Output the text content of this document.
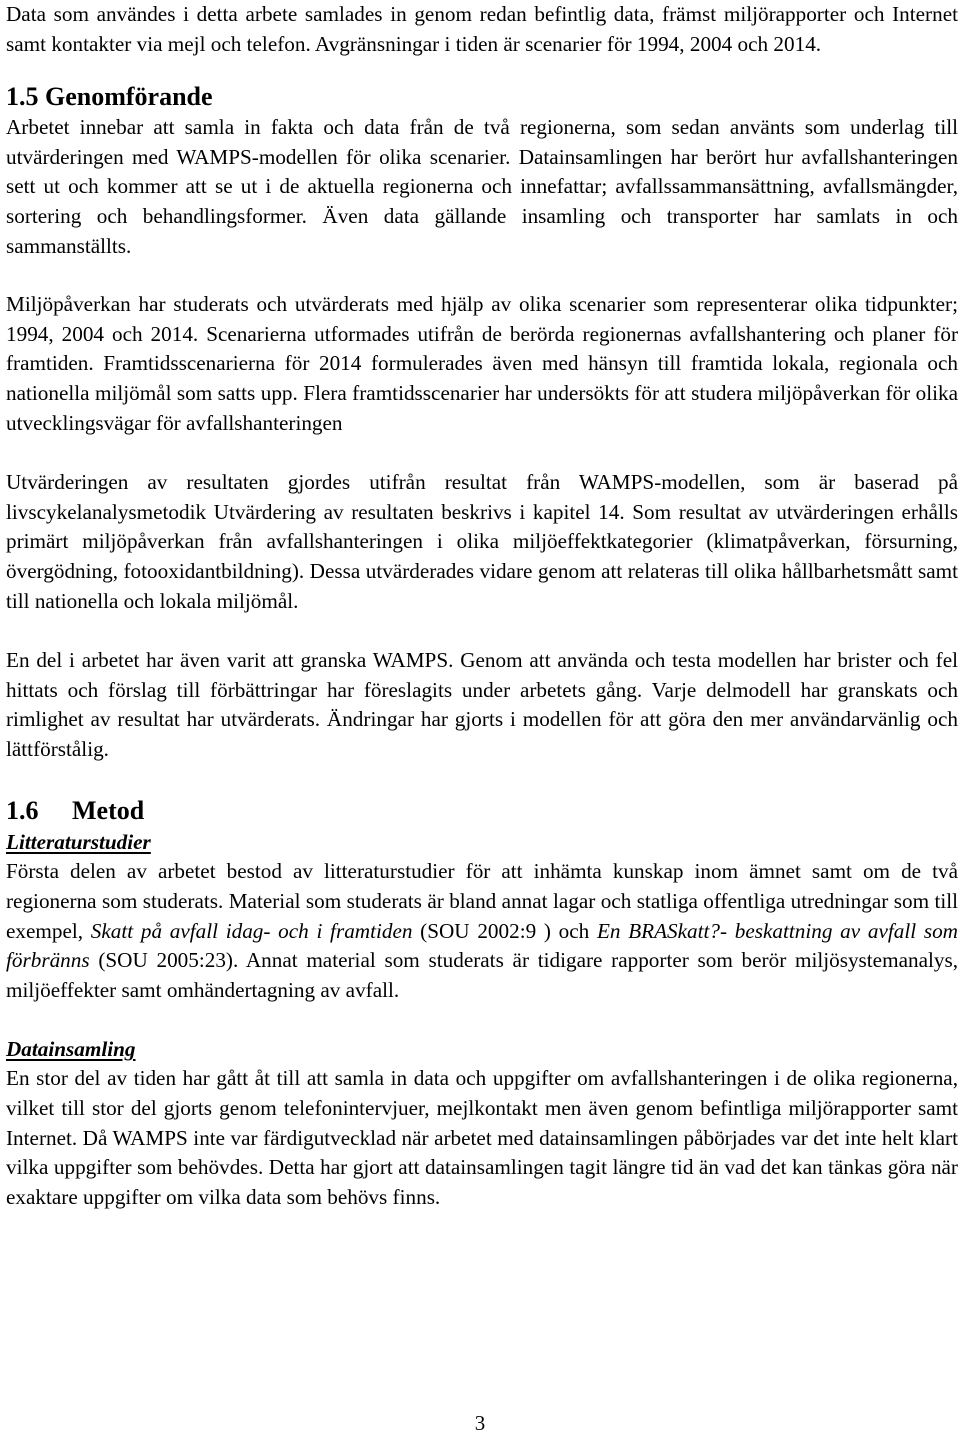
Data som användes i detta arbete samlades in genom redan befintlig data, främst miljörapporter och Internet samt kontakter via mejl och telefon. Avgränsningar i tiden är scenarier för 1994, 2004 och 2014.

1.5 Genomförande

Arbetet innebar att samla in fakta och data från de två regionerna, som sedan använts som underlag till utvärderingen med WAMPS-modellen för olika scenarier. Datainsamlingen har berört hur avfallshanteringen sett ut och kommer att se ut i de aktuella regionerna och innefattar; avfallssammansättning, avfallsmängder, sortering och behandlingsformer. Även data gällande insamling och transporter har samlats in och sammanställts.

Miljöpåverkan har studerats och utvärderats med hjälp av olika scenarier som representerar olika tidpunkter; 1994, 2004 och 2014. Scenarierna utformades utifrån de berörda regionernas avfallshantering och planer för framtiden. Framtidsscenarierna för 2014 formulerades även med hänsyn till framtida lokala, regionala och nationella miljömål som satts upp. Flera framtidsscenarier har undersökts för att studera miljöpåverkan för olika utvecklingsvägar för avfallshanteringen

Utvärderingen av resultaten gjordes utifrån resultat från WAMPS-modellen, som är baserad på livscykelanalysmetodik Utvärdering av resultaten beskrivs i kapitel 14. Som resultat av utvärderingen erhålls primärt miljöpåverkan från avfallshanteringen i olika miljöeffektkategorier (klimatpåverkan, försurning, övergödning, fotooxidantbildning). Dessa utvärderades vidare genom att relateras till olika hållbarhetsmått samt till nationella och lokala miljömål.

En del i arbetet har även varit att granska WAMPS. Genom att använda och testa modellen har brister och fel hittats och förslag till förbättringar har föreslagits under arbetets gång. Varje delmodell har granskats och rimlighet av resultat har utvärderats. Ändringar har gjorts i modellen för att göra den mer användarvänlig och lättförstålig.

1.6 Metod
Litteraturstudier

Första delen av arbetet bestod av litteraturstudier för att inhämta kunskap inom ämnet samt om de två regionerna som studerats. Material som studerats är bland annat lagar och statliga offentliga utredningar som till exempel, Skatt på avfall idag- och i framtiden (SOU 2002:9 ) och En BRASkatt?- beskattning av avfall som förbränns (SOU 2005:23). Annat material som studerats är tidigare rapporter som berör miljösystemanalys, miljöeffekter samt omhändertagning av avfall.

Datainsamling

En stor del av tiden har gått åt till att samla in data och uppgifter om avfallshanteringen i de olika regionerna, vilket till stor del gjorts genom telefonintervjuer, mejlkontakt men även genom befintliga miljörapporter samt Internet. Då WAMPS inte var färdigutvecklad när arbetet med datainsamlingen påbörjades var det inte helt klart vilka uppgifter som behövdes. Detta har gjort att datainsamlingen tagit längre tid än vad det kan tänkas göra när exaktare uppgifter om vilka data som behövs finns.

3
